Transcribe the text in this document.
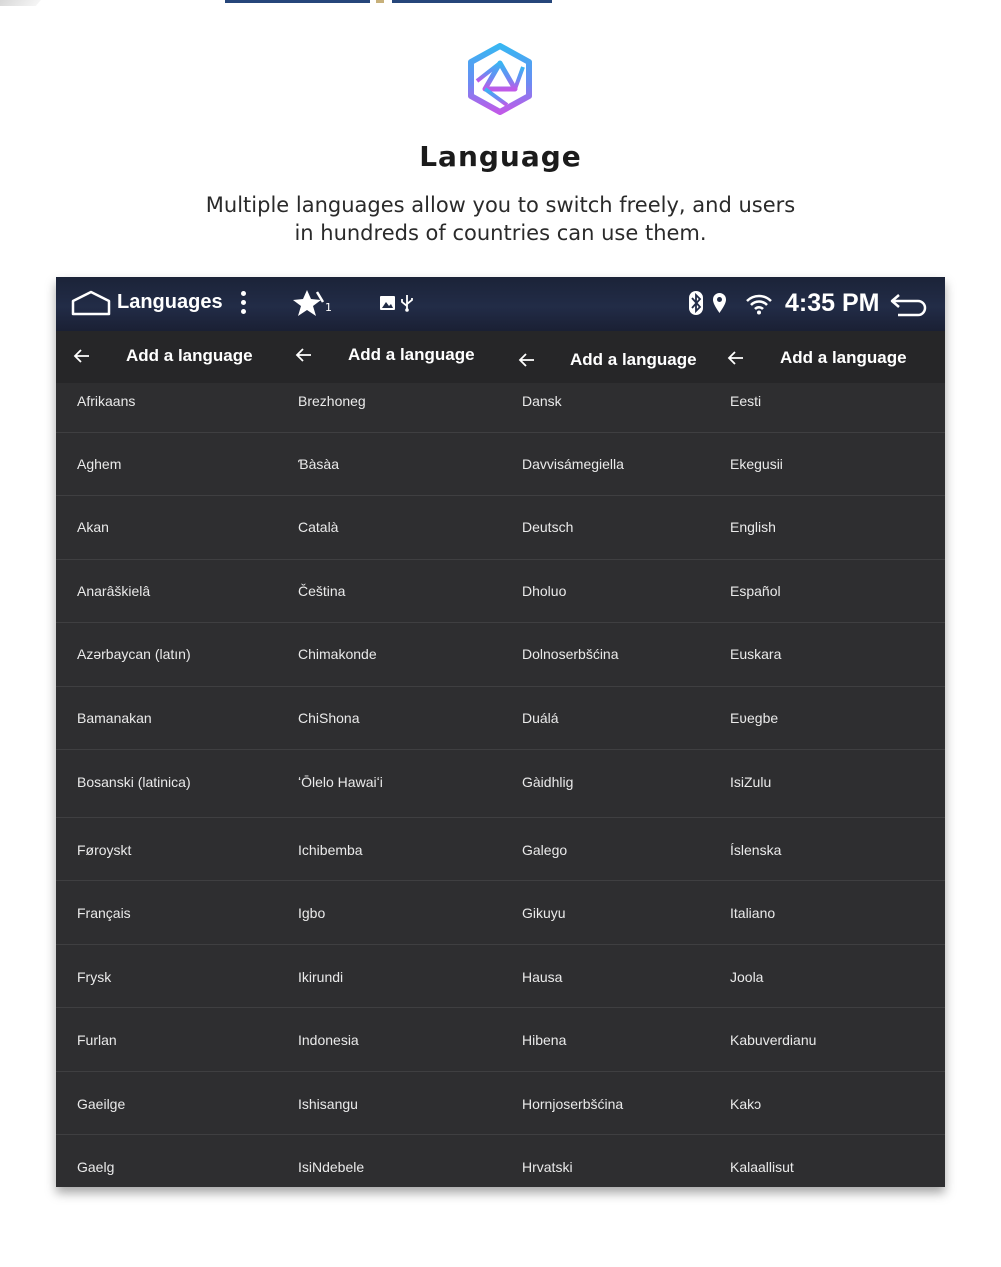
Language
Multiple languages allow you to switch freely, and users
in hundreds of countries can use them.
Languages	1	4:35 PM
Add a language
Afrikaans
Aghem
Akan
Anarâškielâ
Azərbaycan (latın)
Bamanakan
Bosanski (latinica)
Føroyskt
Français
Frysk
Furlan
Gaeilge
Gaelg
Add a language
Brezhoneg
Ɓàsàa
Català
Čeština
Chimakonde
ChiShona
ʻŌlelo Hawaiʻi
Ichibemba
Igbo
Ikirundi
Indonesia
Ishisangu
IsiNdebele
Add a language
Dansk
Davvisámegiella
Deutsch
Dholuo
Dolnoserbšćina
Duálá
Gàidhlig
Galego
Gikuyu
Hausa
Hibena
Hornjoserbšćina
Hrvatski
Add a language
Eesti
Ekegusii
English
Español
Euskara
Eʋegbe
IsiZulu
Íslenska
Italiano
Joola
Kabuverdianu
Kakɔ
Kalaallisut
